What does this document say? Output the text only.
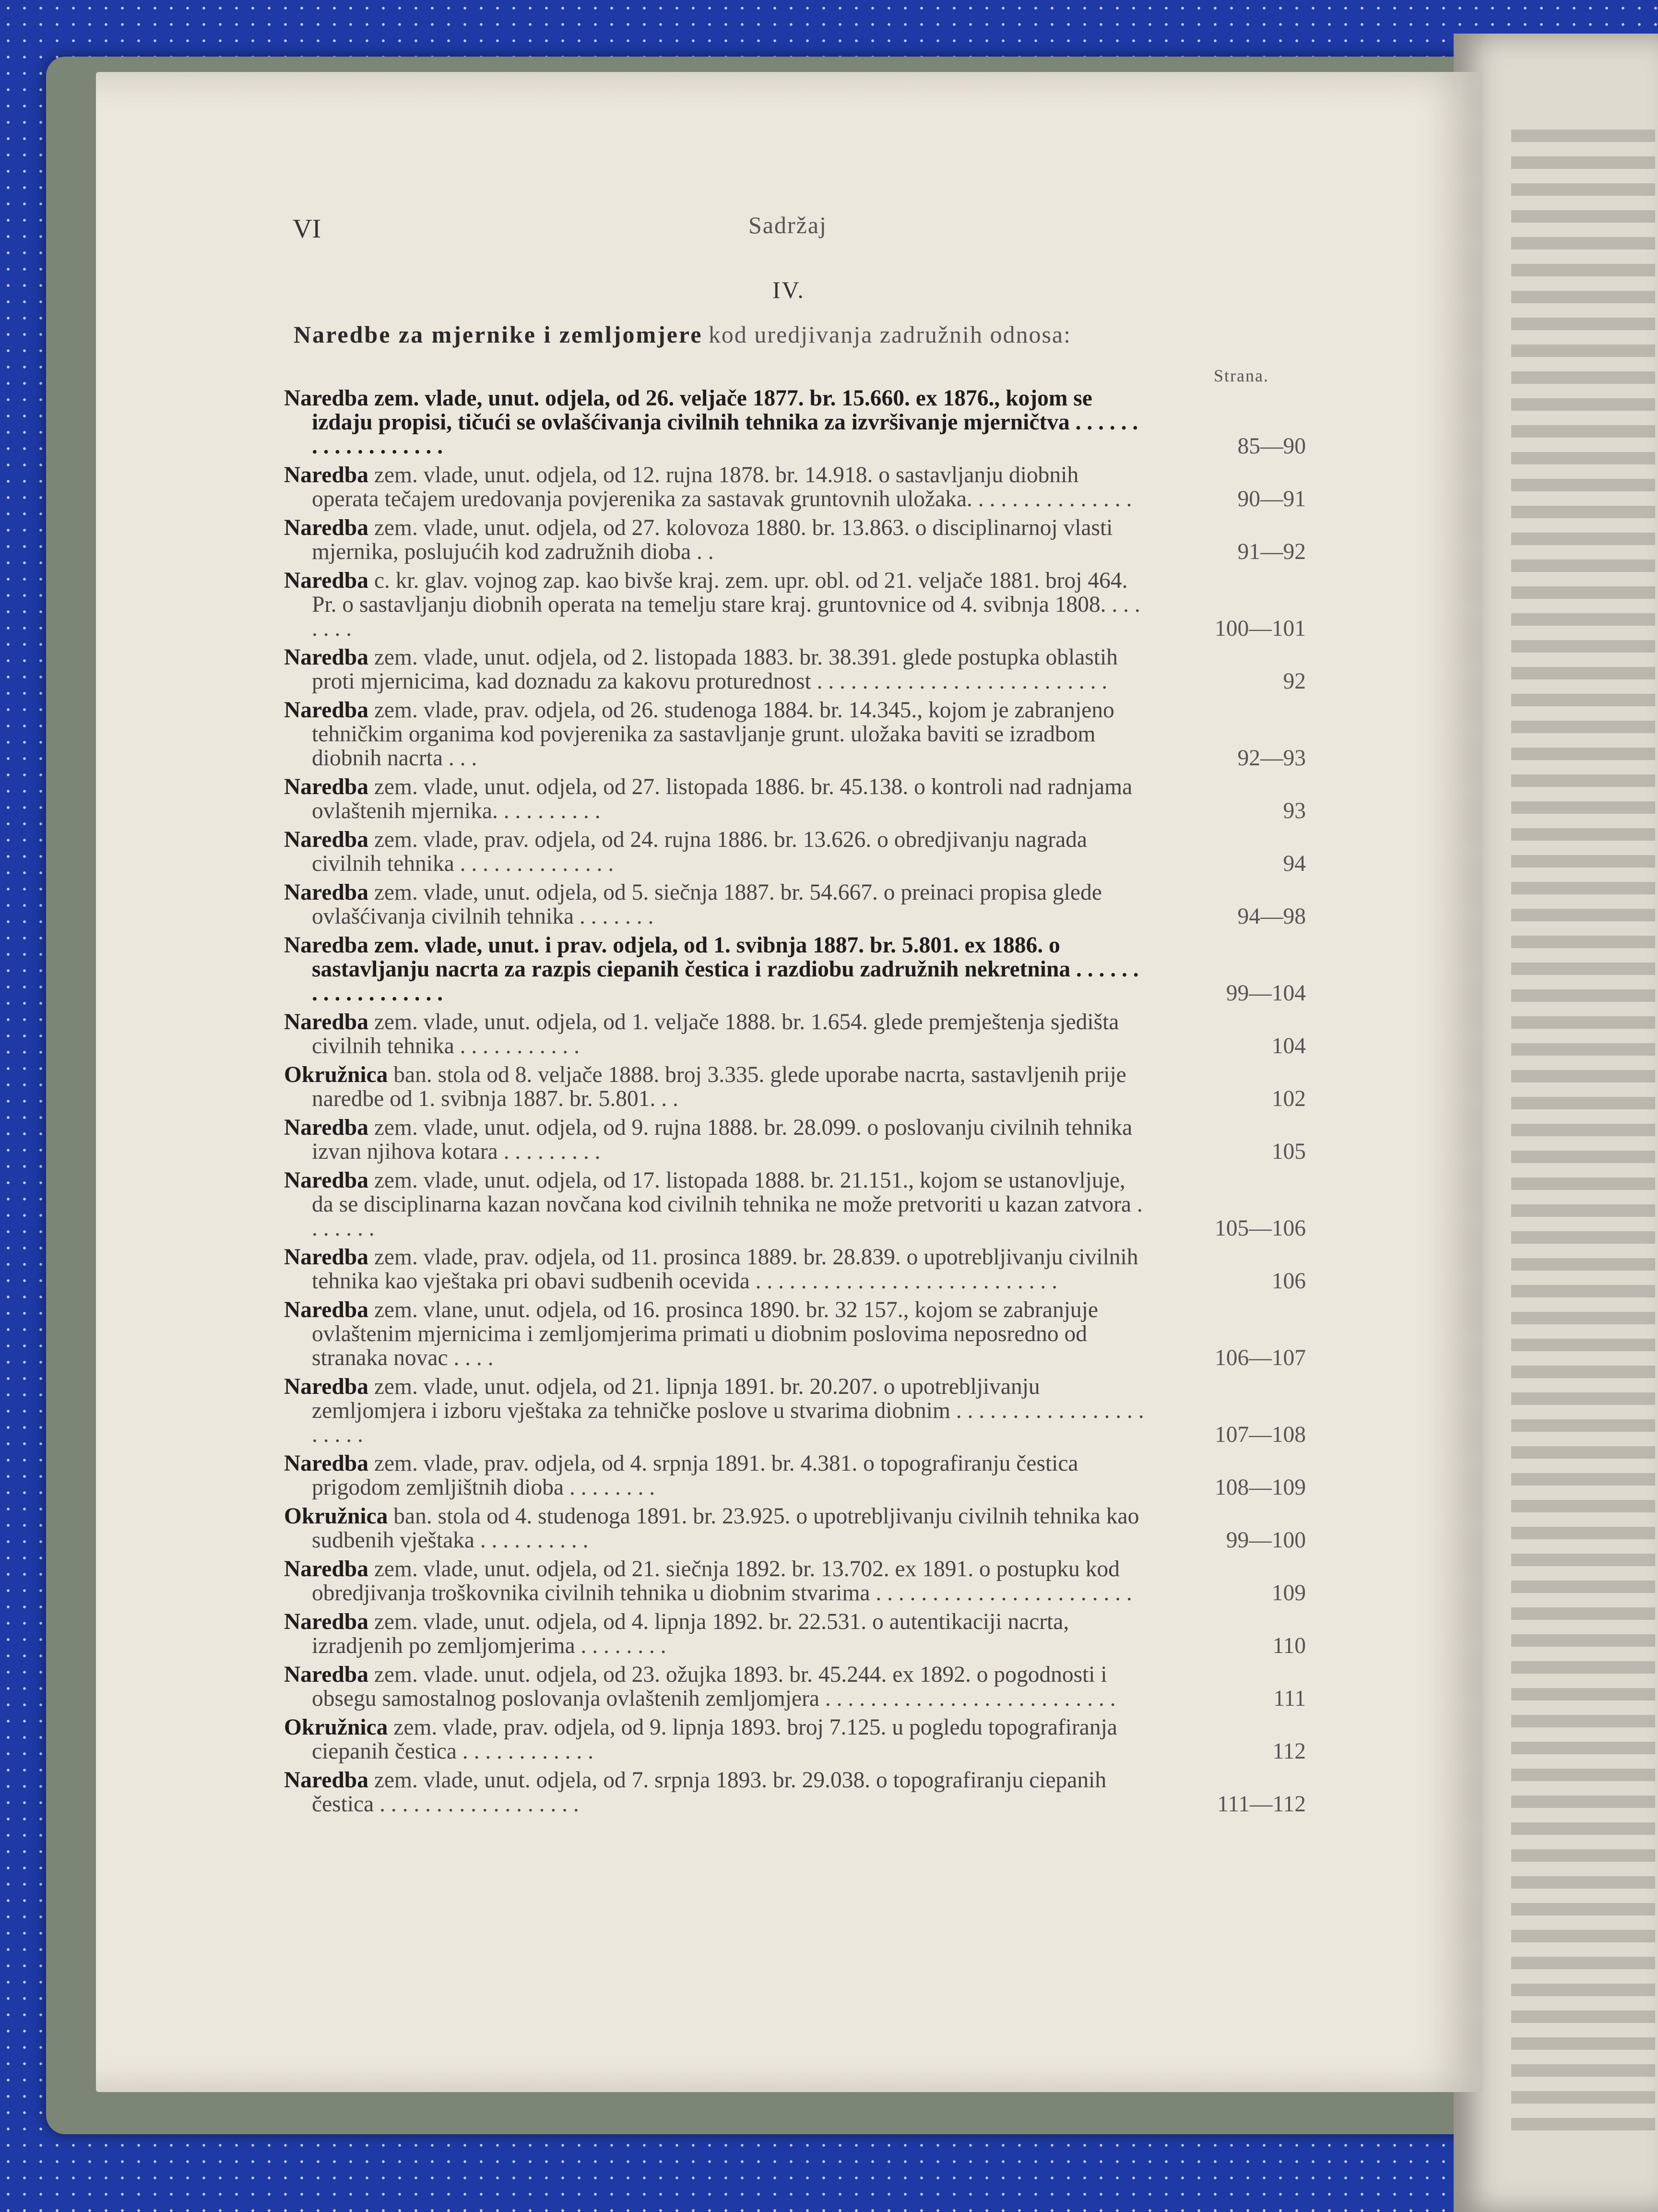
VI	Sadržaj
IV.
Naredbe za mjernike i zemljomjere kod uredjivanja zadružnih odnosa:
Strana.
Naredba zem. vlade, unut. odjela, od 26. veljače 1877. br. 15.660. ex 1876., kojom se izdaju propisi, tičući se ovlašćivanja civilnih tehnika za izvršivanje mjerničtva . . . . . . . . . . . . . . . . . .	85—90
Naredba zem. vlade, unut. odjela, od 12. rujna 1878. br. 14.918. o sastavljanju diobnih operata tečajem uredovanja povjerenika za sastavak gruntovnih uložaka. . . . . . . . . . . . . . .	90—91
Naredba zem. vlade, unut. odjela, od 27. kolovoza 1880. br. 13.863. o disciplinarnoj vlasti mjernika, poslujućih kod zadružnih dioba . .	91—92
Naredba c. kr. glav. vojnog zap. kao bivše kraj. zem. upr. obl. od 21. veljače 1881. broj 464. Pr. o sastavljanju diobnih operata na temelju stare kraj. gruntovnice od 4. svibnja 1808. . . . . . . .	100—101
Naredba zem. vlade, unut. odjela, od 2. listopada 1883. br. 38.391. glede postupka oblastih proti mjernicima, kad doznadu za kakovu proturednost . . . . . . . . . . . . . . . . . . . . . . . . . .	92
Naredba zem. vlade, prav. odjela, od 26. studenoga 1884. br. 14.345., kojom je zabranjeno tehničkim organima kod povjerenika za sastavljanje grunt. uložaka baviti se izradbom diobnih nacrta . . .	92—93
Naredba zem. vlade, unut. odjela, od 27. listopada 1886. br. 45.138. o kontroli nad radnjama ovlaštenih mjernika. . . . . . . . . .	93
Naredba zem. vlade, prav. odjela, od 24. rujna 1886. br. 13.626. o obredjivanju nagrada civilnih tehnika . . . . . . . . . . . . . .	94
Naredba zem. vlade, unut. odjela, od 5. siečnja 1887. br. 54.667. o preinaci propisa glede ovlašćivanja civilnih tehnika . . . . . . .	94—98
Naredba zem. vlade, unut. i prav. odjela, od 1. svibnja 1887. br. 5.801. ex 1886. o sastavljanju nacrta za razpis ciepanih čestica i razdiobu zadružnih nekretnina . . . . . . . . . . . . . . . . . .	99—104
Naredba zem. vlade, unut. odjela, od 1. veljače 1888. br. 1.654. glede premještenja sjedišta civilnih tehnika . . . . . . . . . . .	104
Okružnica ban. stola od 8. veljače 1888. broj 3.335. glede uporabe nacrta, sastavljenih prije naredbe od 1. svibnja 1887. br. 5.801. . .	102
Naredba zem. vlade, unut. odjela, od 9. rujna 1888. br. 28.099. o poslovanju civilnih tehnika izvan njihova kotara . . . . . . . . .	105
Naredba zem. vlade, unut. odjela, od 17. listopada 1888. br. 21.151., kojom se ustanovljuje, da se disciplinarna kazan novčana kod civilnih tehnika ne može pretvoriti u kazan zatvora . . . . . . .	105—106
Naredba zem. vlade, prav. odjela, od 11. prosinca 1889. br. 28.839. o upotrebljivanju civilnih tehnika kao vještaka pri obavi sudbenih ocevida . . . . . . . . . . . . . . . . . . . . . . . . . . .	106
Naredba zem. vlane, unut. odjela, od 16. prosinca 1890. br. 32 157., kojom se zabranjuje ovlaštenim mjernicima i zemljomjerima primati u diobnim poslovima neposredno od stranaka novac . . . .	106—107
Naredba zem. vlade, unut. odjela, od 21. lipnja 1891. br. 20.207. o upotrebljivanju zemljomjera i izboru vještaka za tehničke poslove u stvarima diobnim . . . . . . . . . . . . . . . . . . . . . .	107—108
Naredba zem. vlade, prav. odjela, od 4. srpnja 1891. br. 4.381. o topografiranju čestica prigodom zemljištnih dioba . . . . . . . .	108—109
Okružnica ban. stola od 4. studenoga 1891. br. 23.925. o upotrebljivanju civilnih tehnika kao sudbenih vještaka . . . . . . . . . .	99—100
Naredba zem. vlade, unut. odjela, od 21. siečnja 1892. br. 13.702. ex 1891. o postupku kod obredjivanja troškovnika civilnih tehnika u diobnim stvarima . . . . . . . . . . . . . . . . . . . . . . .	109
Naredba zem. vlade, unut. odjela, od 4. lipnja 1892. br. 22.531. o autentikaciji nacrta, izradjenih po zemljomjerima . . . . . . . .	110
Naredba zem. vlade. unut. odjela, od 23. ožujka 1893. br. 45.244. ex 1892. o pogodnosti i obsegu samostalnog poslovanja ovlaštenih zemljomjera . . . . . . . . . . . . . . . . . . . . . . . . . .	111
Okružnica zem. vlade, prav. odjela, od 9. lipnja 1893. broj 7.125. u pogledu topografiranja ciepanih čestica . . . . . . . . . . . .	112
Naredba zem. vlade, unut. odjela, od 7. srpnja 1893. br. 29.038. o topografiranju ciepanih čestica . . . . . . . . . . . . . . . . . .	111—112
